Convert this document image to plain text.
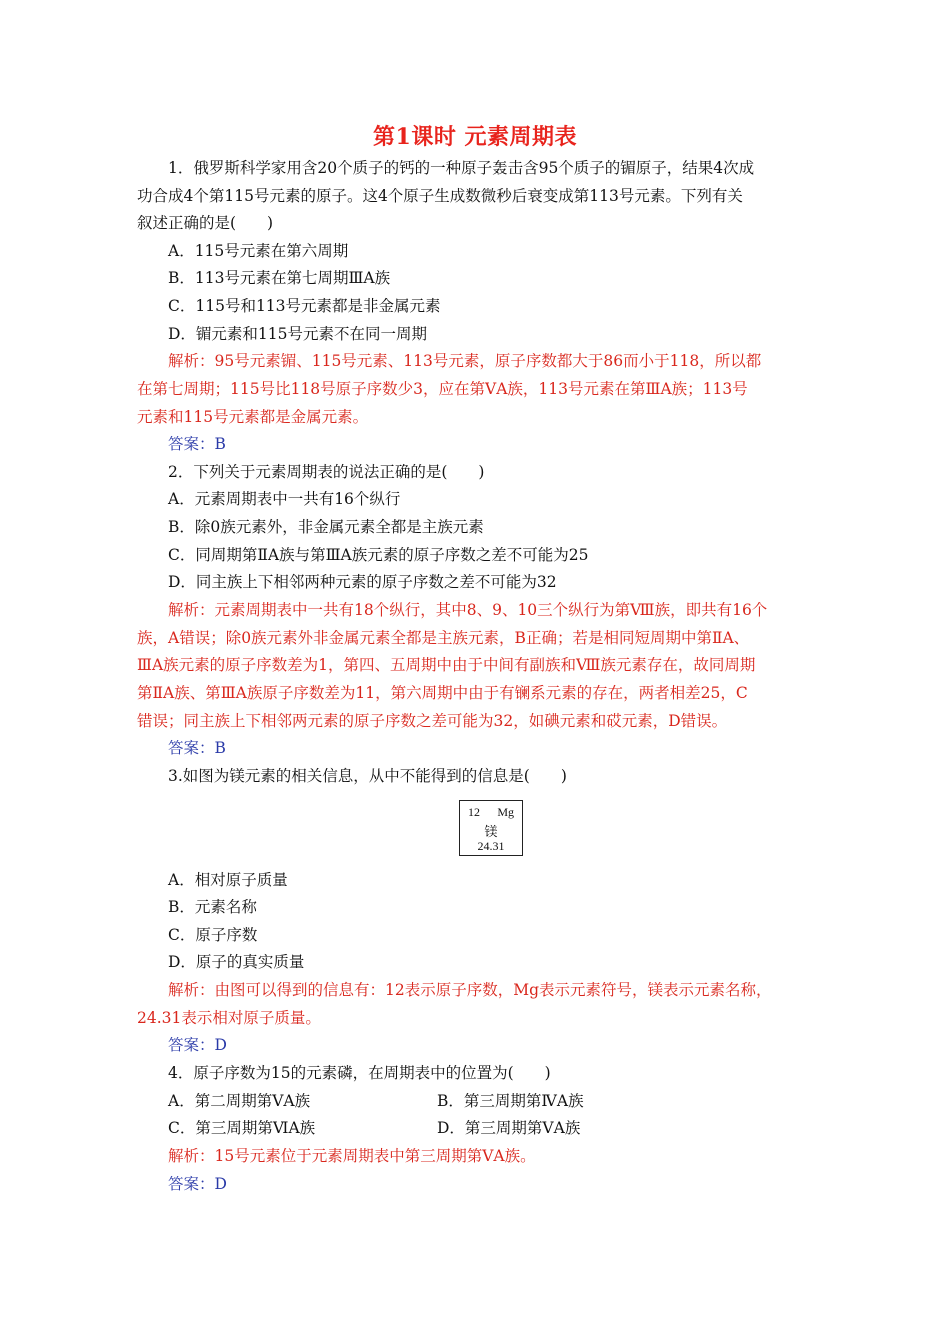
第1课时 元素周期表
1．俄罗斯科学家用含20个质子的钙的一种原子轰击含95个质子的镅原子，结果4次成
功合成4个第115号元素的原子。这4个原子生成数微秒后衰变成第113号元素。下列有关
叙述正确的是(　　)
A．115号元素在第六周期
B．113号元素在第七周期ⅢA族
C．115号和113号元素都是非金属元素
D．镅元素和115号元素不在同一周期
解析：95号元素镅、115号元素、113号元素，原子序数都大于86而小于118，所以都
在第七周期；115号比118号原子序数少3，应在第ⅤA族，113号元素在第ⅢA族；113号
元素和115号元素都是金属元素。
答案：B
2．下列关于元素周期表的说法正确的是(　　)
A．元素周期表中一共有16个纵行
B．除0族元素外，非金属元素全都是主族元素
C．同周期第ⅡA族与第ⅢA族元素的原子序数之差不可能为25
D．同主族上下相邻两种元素的原子序数之差不可能为32
解析：元素周期表中一共有18个纵行，其中8、9、10三个纵行为第Ⅷ族，即共有16个
族，A错误；除0族元素外非金属元素全都是主族元素，B正确；若是相同短周期中第ⅡA、
ⅢA族元素的原子序数差为1，第四、五周期中由于中间有副族和Ⅷ族元素存在，故同周期
第ⅡA族、第ⅢA族原子序数差为11，第六周期中由于有镧系元素的存在，两者相差25，C
错误；同主族上下相邻两元素的原子序数之差可能为32，如碘元素和砹元素，D错误。
答案：B
3.如图为镁元素的相关信息，从中不能得到的信息是(　　)
12 Mg
镁
24.31
A．相对原子质量
B．元素名称
C．原子序数
D．原子的真实质量
解析：由图可以得到的信息有：12表示原子序数，Mg表示元素符号，镁表示元素名称，
24.31表示相对原子质量。
答案：D
4．原子序数为15的元素磷，在周期表中的位置为(　　)
A．第二周期第ⅤA族	B．第三周期第ⅣA族
C．第三周期第ⅥA族	D．第三周期第ⅤA族
解析：15号元素位于元素周期表中第三周期第ⅤA族。
答案：D
